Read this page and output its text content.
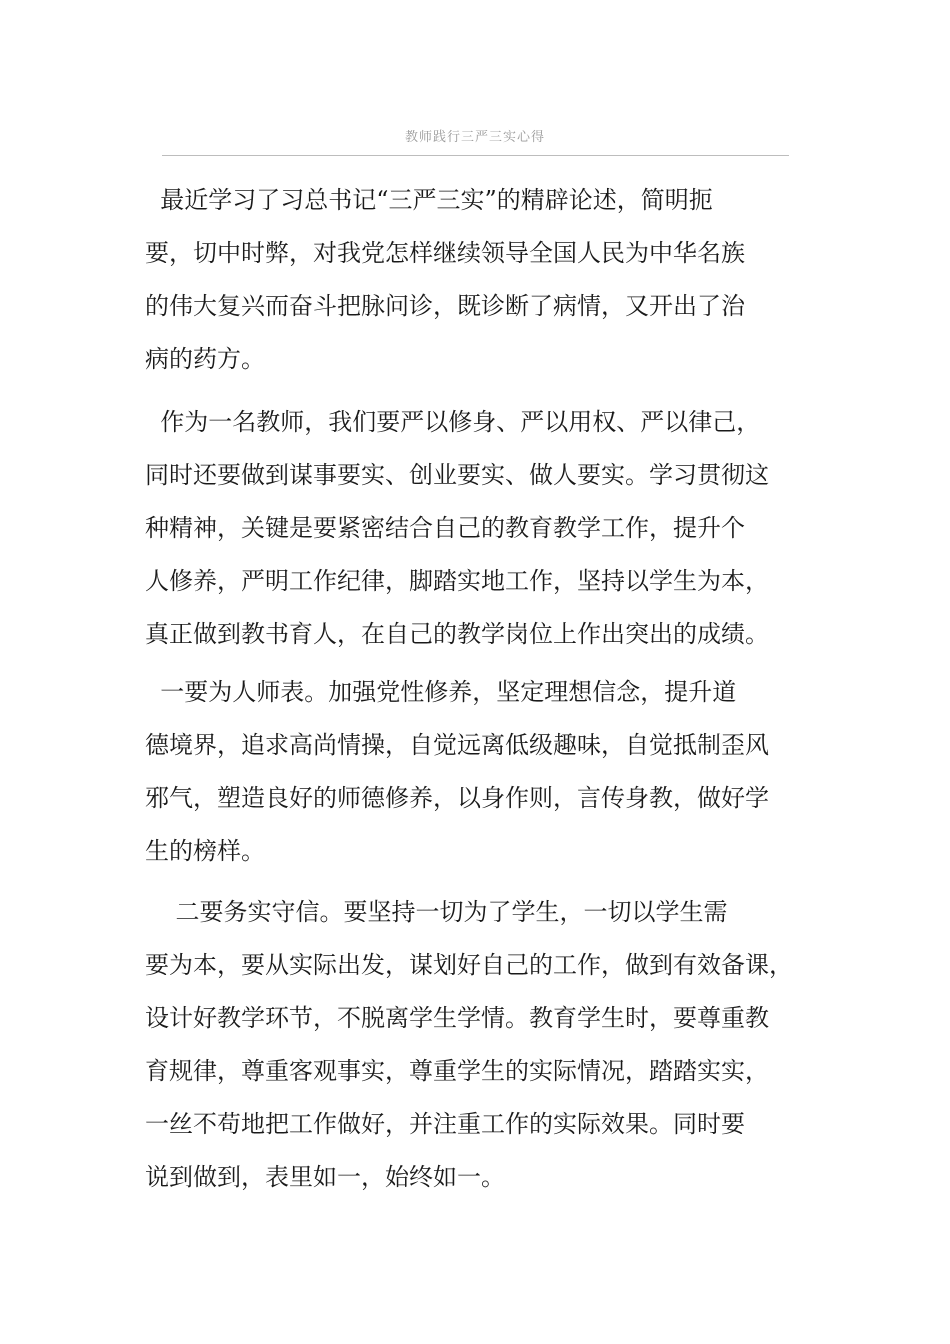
教师践行三严三实心得
最近学习了习总书记“三严三实”的精辟论述，简明扼
要，切中时弊，对我党怎样继续领导全国人民为中华名族
的伟大复兴而奋斗把脉问诊，既诊断了病情，又开出了治
病的药方。
作为一名教师，我们要严以修身、严以用权、严以律己，
同时还要做到谋事要实、创业要实、做人要实。学习贯彻这
种精神，关键是要紧密结合自己的教育教学工作，提升个
人修养，严明工作纪律，脚踏实地工作，坚持以学生为本，
真正做到教书育人，在自己的教学岗位上作出突出的成绩。
一要为人师表。加强党性修养，坚定理想信念，提升道
德境界，追求高尚情操，自觉远离低级趣味，自觉抵制歪风
邪气，塑造良好的师德修养，以身作则，言传身教，做好学
生的榜样。
二要务实守信。要坚持一切为了学生，一切以学生需
要为本，要从实际出发，谋划好自己的工作，做到有效备课，
设计好教学环节，不脱离学生学情。教育学生时，要尊重教
育规律，尊重客观事实，尊重学生的实际情况，踏踏实实，
一丝不苟地把工作做好，并注重工作的实际效果。同时要
说到做到，表里如一，始终如一。
